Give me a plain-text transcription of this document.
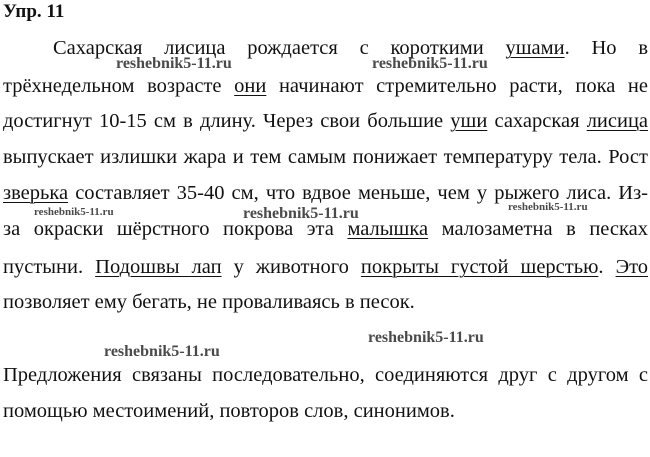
Упр. 11
Сахарская лисица рождается с короткими ушами. Но в
трёхнедельном возрасте они начинают стремительно расти, пока не
достигнут 10-15 см в длину. Через свои большие уши сахарская лисица
выпускает излишки жара и тем самым понижает температуру тела. Рост
зверька составляет 35-40 см, что вдвое меньше, чем у рыжего лиса. Из-
за окраски шёрстного покрова эта малышка малозаметна в песках
пустыни. Подошвы лап у животного покрыты густой шерстью. Это
позволяет ему бегать, не проваливаясь в песок.
Предложения связаны последовательно, соединяются друг с другом с
помощью местоимений, повторов слов, синонимов.
reshebnik5-11.ru	reshebnik5-11.ru
reshebnik5-11.ru	reshebnik5-11.ru	reshebnik5-11.ru
reshebnik5-11.ru
reshebnik5-11.ru
